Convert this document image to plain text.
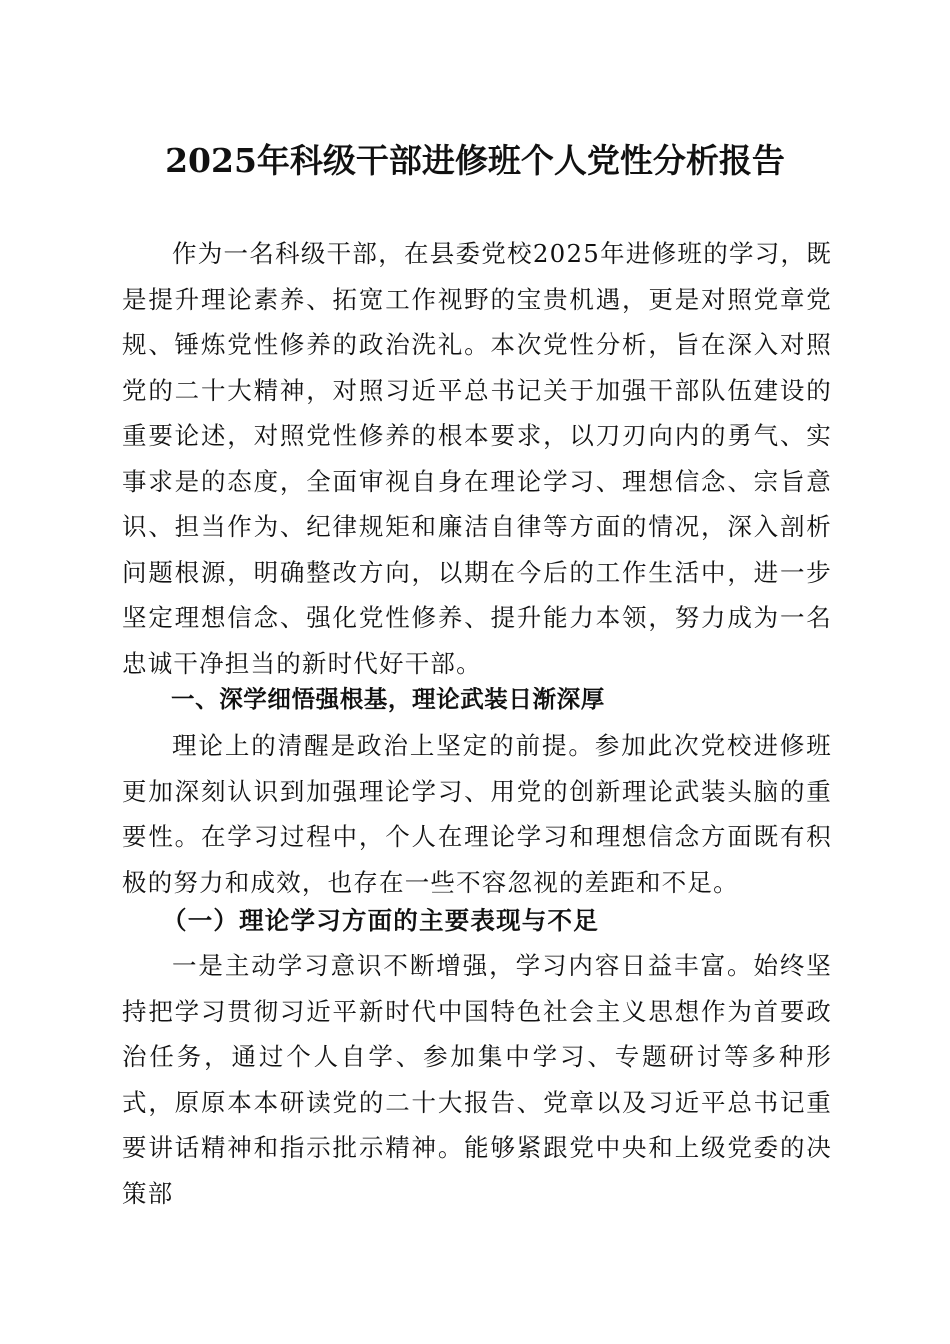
2025年科级干部进修班个人党性分析报告

作为一名科级干部，在县委党校2025年进修班的学习，既是提升理论素养、拓宽工作视野的宝贵机遇，更是对照党章党规、锤炼党性修养的政治洗礼。本次党性分析，旨在深入对照党的二十大精神，对照习近平总书记关于加强干部队伍建设的重要论述，对照党性修养的根本要求，以刀刃向内的勇气、实事求是的态度，全面审视自身在理论学习、理想信念、宗旨意识、担当作为、纪律规矩和廉洁自律等方面的情况，深入剖析问题根源，明确整改方向，以期在今后的工作生活中，进一步坚定理想信念、强化党性修养、提升能力本领，努力成为一名忠诚干净担当的新时代好干部。

一、深学细悟强根基，理论武装日渐深厚

理论上的清醒是政治上坚定的前提。参加此次党校进修班更加深刻认识到加强理论学习、用党的创新理论武装头脑的重要性。在学习过程中，个人在理论学习和理想信念方面既有积极的努力和成效，也存在一些不容忽视的差距和不足。

（一）理论学习方面的主要表现与不足

一是主动学习意识不断增强，学习内容日益丰富。始终坚持把学习贯彻习近平新时代中国特色社会主义思想作为首要政治任务，通过个人自学、参加集中学习、专题研讨等多种形式，原原本本研读党的二十大报告、党章以及习近平总书记重要讲话精神和指示批示精神。能够紧跟党中央和上级党委的决策部
